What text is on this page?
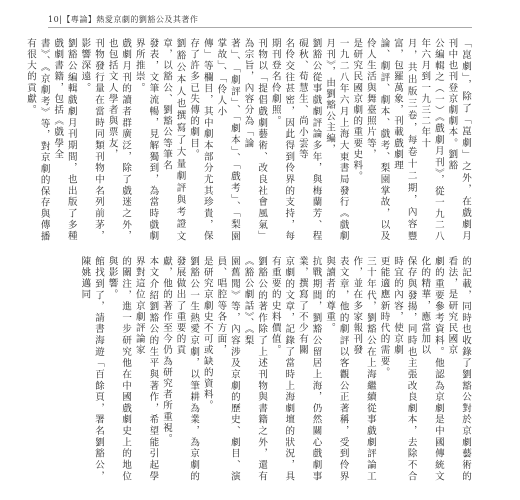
10|【專論】熱愛京劇的劉豁公及其著作

「崑劇」，除了「崑劇」之外，在戲劇月刊中也刊登京劇劇本。劉豁

公編輯之（一）《戲劇月刊》，從一九二八年六月到一九三二年十

月，共出版三卷，每卷十二期，內容豐富，包羅萬象，刊載戲劇理

論、劇評、劇本、戲考、梨園掌故，以及伶人生活與舞臺照片等，

是研究民國京劇的重要史料。

一九二八年六月上海大東書局發行《戲劇月刊》，由劉豁公主編，

劉豁公從事戲劇評論多年，與梅蘭芳、程硯秋、荀慧生、尚小雲等

名伶交往甚密，因此得到伶界的支持，每期刊登名伶劇照。

刊物以「提倡戲劇藝術、改良社會風氣」為宗旨，內容分為「論

著」、「劇評」、「劇本」、「戲考」、「梨園掌故」、「伶人小

傳」等欄目，其中劇本部分尤其珍貴，保存了許多已失傳的劇目。

劉豁公本人也撰寫了大量劇評與考證文章，以豁公、劉豁公等筆名

發表，文筆流暢，見解獨到，為當時戲劇界所推崇。

戲劇月刊的讀者群廣泛，除了戲迷之外，也包括文人學者與票友，

刊物發行量在當時同類刊物中名列前茅，影響深遠。

劉豁公編輯戲劇月刊期間，也出版了多種戲劇書籍，包括《戲學全

書》、《京劇考》等，對京劇的保存與傳播有很大的貢獻。

的記載，同時也收錄了劉豁公對於京劇藝術的看法，是研究民國京

劇的重要參考資料。他認為京劇是中國傳統文化的精華，應當加以

保存與發揚，同時也主張改良劇本，去除不合時宜的內容，使京劇

更能適應新時代的需要。

三十年代，劉豁公在上海繼續從事戲劇評論工作，並在多家報刊發

表文章，他的劇評以客觀公正著稱，受到伶界與讀者的尊重。

抗戰期間，劉豁公留居上海，仍然關心戲劇事業，撰寫了不少有關

京劇的文章，記錄了當時上海劇壇的狀況，具有重要的史料價值。

劉豁公的著作除了上述刊物與書籍之外，還有《豁公劇話》、《梨

園舊聞》等，內容涉及京劇的歷史、劇目、演員、唱腔等各方面，

是研究京劇史不可或缺的資料。

劉豁公一生熱愛京劇，以筆耕為業，為京劇的發展做出了重要的貢

獻，他的著作至今仍為研究者所重視。

本文介紹劉豁公的生平與著作，希望能引起學界對這位京劇評論家

的關注，進一步研究他在中國戲劇史上的地位與影響。

館找到了，請書海遊「百餘頁，署名劉豁公，陳姚邁同
